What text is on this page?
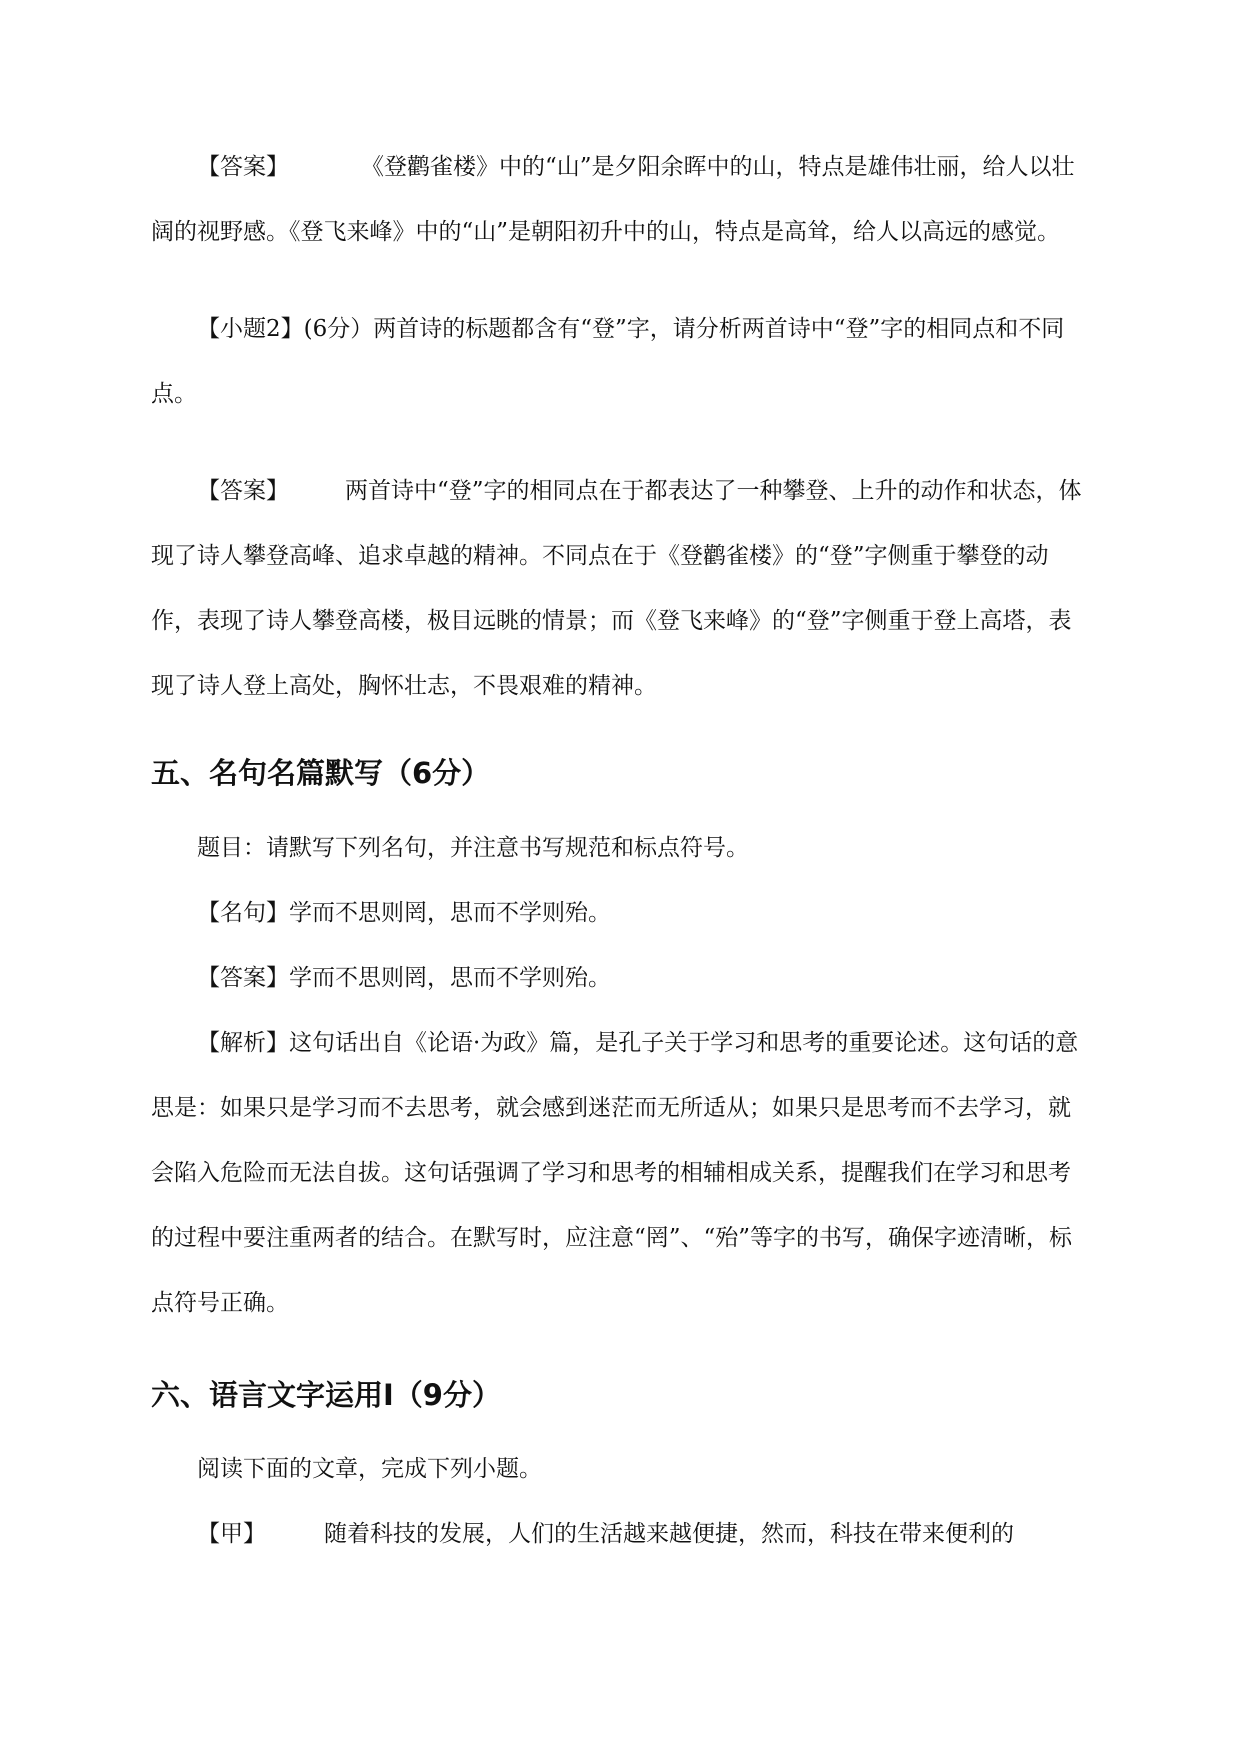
【答案】	《登鹳雀楼》中的“山”是夕阳余晖中的山，特点是雄伟壮丽，给人以壮阔的视野感。《登飞来峰》中的“山”是朝阳初升中的山，特点是高耸，给人以高远的感觉。

【小题2】(6分）两首诗的标题都含有“登”字，请分析两首诗中“登”字的相同点和不同点。

【答案】 两首诗中“登”字的相同点在于都表达了一种攀登、上升的动作和状态，体现了诗人攀登高峰、追求卓越的精神。不同点在于《登鹳雀楼》的“登”字侧重于攀登的动作，表现了诗人攀登高楼，极目远眺的情景；而《登飞来峰》的“登”字侧重于登上高塔，表现了诗人登上高处，胸怀壮志，不畏艰难的精神。

五、名句名篇默写（6分）

题目：请默写下列名句，并注意书写规范和标点符号。

【名句】学而不思则罔，思而不学则殆。

【答案】学而不思则罔，思而不学则殆。

【解析】这句话出自《论语·为政》篇，是孔子关于学习和思考的重要论述。这句话的意思是：如果只是学习而不去思考，就会感到迷茫而无所适从；如果只是思考而不去学习，就会陷入危险而无法自拔。这句话强调了学习和思考的相辅相成关系，提醒我们在学习和思考的过程中要注重两者的结合。在默写时，应注意“罔”、“殆”等字的书写，确保字迹清晰，标点符号正确。

六、语言文字运用Ⅰ（9分）

阅读下面的文章，完成下列小题。

【甲】	随着科技的发展，人们的生活越来越便捷，然而，科技在带来便利的
